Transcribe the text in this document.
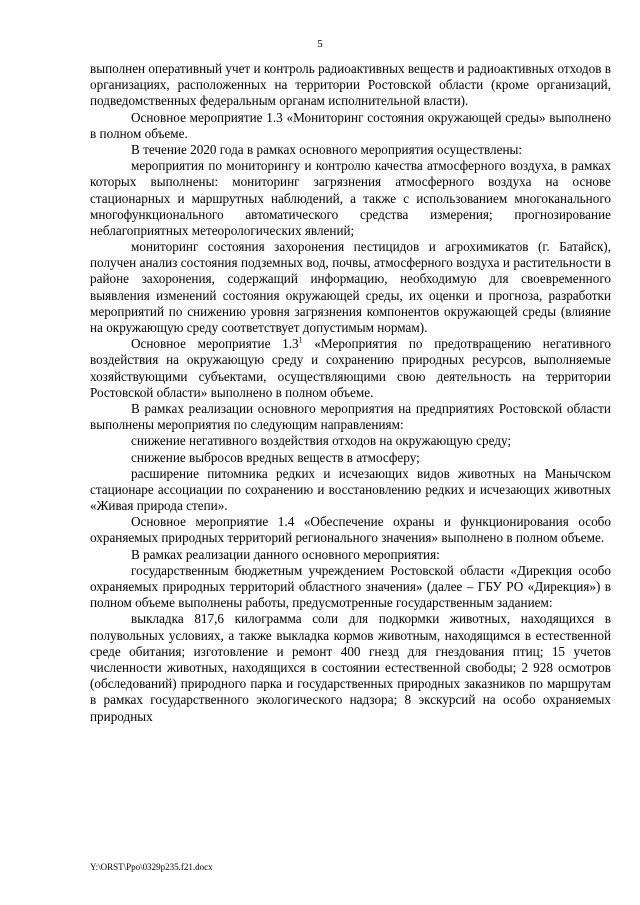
5

выполнен оперативный учет и контроль радиоактивных веществ и радиоактивных отходов в организациях, расположенных на территории Ростовской области (кроме организаций, подведомственных федеральным органам исполнительной власти).

Основное мероприятие 1.3 «Мониторинг состояния окружающей среды» выполнено в полном объеме.

В течение 2020 года в рамках основного мероприятия осуществлены:

мероприятия по мониторингу и контролю качества атмосферного воздуха, в рамках которых выполнены: мониторинг загрязнения атмосферного воздуха на основе стационарных и маршрутных наблюдений, а также с использованием многоканального многофункционального автоматического средства измерения; прогнозирование неблагоприятных метеорологических явлений;

мониторинг состояния захоронения пестицидов и агрохимикатов (г. Батайск), получен анализ состояния подземных вод, почвы, атмосферного воздуха и растительности в районе захоронения, содержащий информацию, необходимую для своевременного выявления изменений состояния окружающей среды, их оценки и прогноза, разработки мероприятий по снижению уровня загрязнения компонентов окружающей среды (влияние на окружающую среду соответствует допустимым нормам).

Основное мероприятие $1.3^1$ «Мероприятия по предотвращению негативного воздействия на окружающую среду и сохранению природных ресурсов, выполняемые хозяйствующими субъектами, осуществляющими свою деятельность на территории Ростовской области» выполнено в полном объеме.

В рамках реализации основного мероприятия на предприятиях Ростовской области выполнены мероприятия по следующим направлениям:

снижение негативного воздействия отходов на окружающую среду;

снижение выбросов вредных веществ в атмосферу;

расширение питомника редких и исчезающих видов животных на Манычском стационаре ассоциации по сохранению и восстановлению редких и исчезающих животных «Живая природа степи».

Основное мероприятие 1.4 «Обеспечение охраны и функционирования особо охраняемых природных территорий регионального значения» выполнено в полном объеме.

В рамках реализации данного основного мероприятия:

государственным бюджетным учреждением Ростовской области «Дирекция особо охраняемых природных территорий областного значения» (далее – ГБУ РО «Дирекция») в полном объеме выполнены работы, предусмотренные государственным заданием:

выкладка 817,6 килограмма соли для подкормки животных, находящихся в полувольных условиях, а также выкладка кормов животным, находящимся в естественной среде обитания; изготовление и ремонт 400 гнезд для гнездования птиц; 15 учетов численности животных, находящихся в состоянии естественной свободы; 2 928 осмотров (обследований) природного парка и государственных природных заказников по маршрутам в рамках государственного экологического надзора; 8 экскурсий на особо охраняемых природных

Y:\ORST\Ppo\0329p235.f21.docx
